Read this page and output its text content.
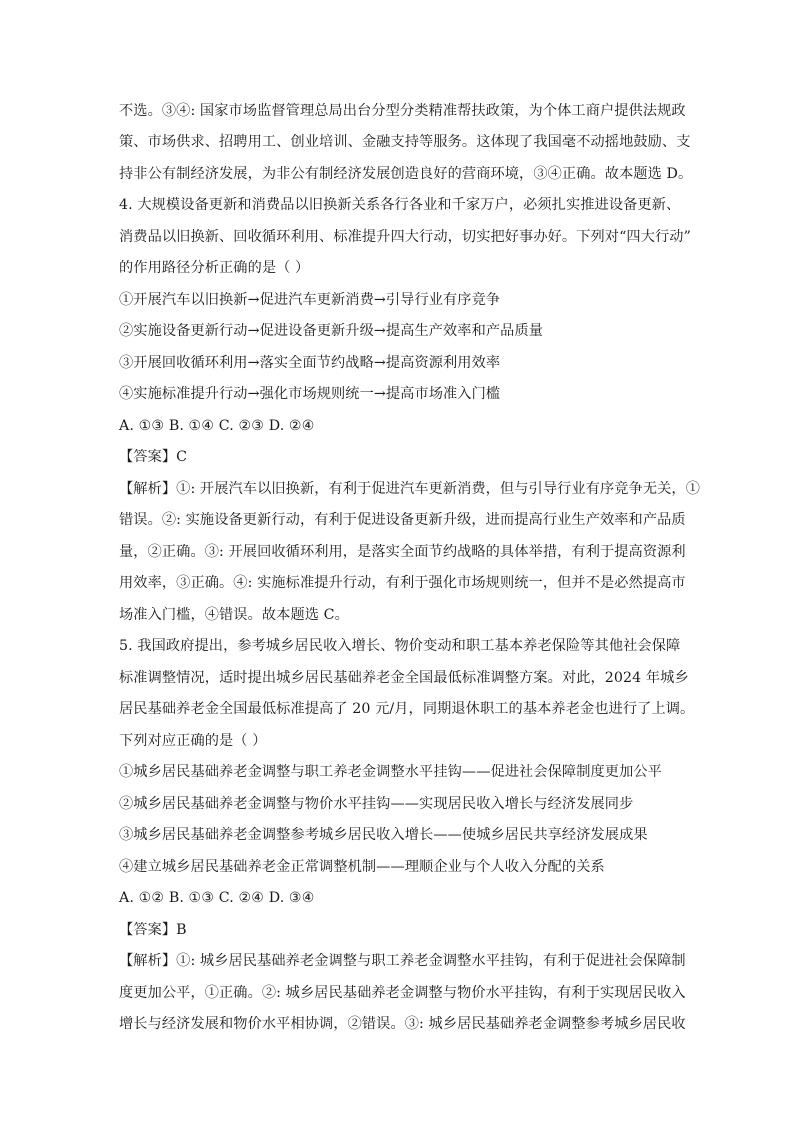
不选。③④: 国家市场监督管理总局出台分型分类精准帮扶政策，为个体工商户提供法规政
策、市场供求、招聘用工、创业培训、金融支持等服务。这体现了我国毫不动摇地鼓励、支
持非公有制经济发展，为非公有制经济发展创造良好的营商环境，③④正确。故本题选 D。
4. 大规模设备更新和消费品以旧换新关系各行各业和千家万户，必须扎实推进设备更新、
消费品以旧换新、回收循环利用、标准提升四大行动，切实把好事办好。下列对“四大行动”
的作用路径分析正确的是（ ）
①开展汽车以旧换新→促进汽车更新消费→引导行业有序竞争
②实施设备更新行动→促进设备更新升级→提高生产效率和产品质量
③开展回收循环利用→落实全面节约战略→提高资源利用效率
④实施标准提升行动→强化市场规则统一→提高市场准入门槛
A. ①③ B. ①④ C. ②③ D. ②④
【答案】C
【解析】①: 开展汽车以旧换新，有利于促进汽车更新消费，但与引导行业有序竞争无关，①
错误。②: 实施设备更新行动，有利于促进设备更新升级，进而提高行业生产效率和产品质
量，②正确。③: 开展回收循环利用，是落实全面节约战略的具体举措，有利于提高资源利
用效率，③正确。④: 实施标准提升行动，有利于强化市场规则统一，但并不是必然提高市
场准入门槛，④错误。故本题选 C。
5. 我国政府提出，参考城乡居民收入增长、物价变动和职工基本养老保险等其他社会保障
标准调整情况，适时提出城乡居民基础养老金全国最低标准调整方案。对此，2024 年城乡
居民基础养老金全国最低标准提高了 20 元/月，同期退休职工的基本养老金也进行了上调。
下列对应正确的是（ ）
①城乡居民基础养老金调整与职工养老金调整水平挂钩——促进社会保障制度更加公平
②城乡居民基础养老金调整与物价水平挂钩——实现居民收入增长与经济发展同步
③城乡居民基础养老金调整参考城乡居民收入增长——使城乡居民共享经济发展成果
④建立城乡居民基础养老金正常调整机制——理顺企业与个人收入分配的关系
A. ①② B. ①③ C. ②④ D. ③④
【答案】B
【解析】①: 城乡居民基础养老金调整与职工养老金调整水平挂钩，有利于促进社会保障制
度更加公平，①正确。②: 城乡居民基础养老金调整与物价水平挂钩，有利于实现居民收入
增长与经济发展和物价水平相协调，②错误。③: 城乡居民基础养老金调整参考城乡居民收
